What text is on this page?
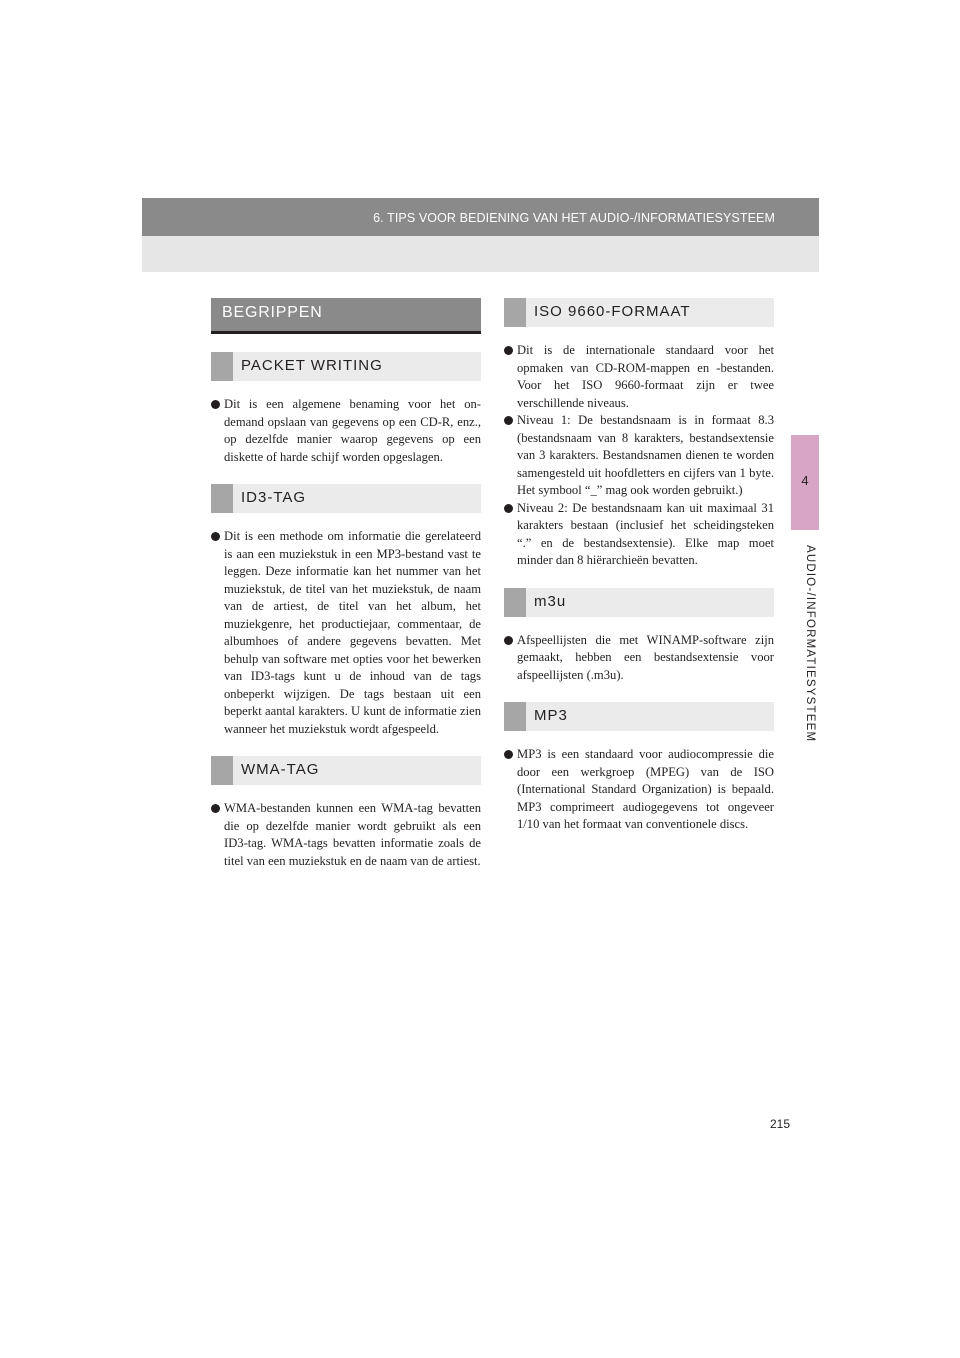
6. TIPS VOOR BEDIENING VAN HET AUDIO-/INFORMATIESYSTEEM
4
AUDIO-/INFORMATIESYSTEEM
BEGRIPPEN
PACKET WRITING
Dit is een algemene benaming voor het on-demand opslaan van gegevens op een CD-R, enz., op dezelfde manier waarop gegevens op een diskette of harde schijf worden opgeslagen.
ID3-TAG
Dit is een methode om informatie die gerelateerd is aan een muziekstuk in een MP3-bestand vast te leggen. Deze informatie kan het nummer van het muziekstuk, de titel van het muziekstuk, de naam van de artiest, de titel van het album, het muziekgenre, het productiejaar, commentaar, de albumhoes of andere gegevens bevatten. Met behulp van software met opties voor het bewerken van ID3-tags kunt u de inhoud van de tags onbeperkt wijzigen. De tags bestaan uit een beperkt aantal karakters. U kunt de informatie zien wanneer het muziekstuk wordt afgespeeld.
WMA-TAG
WMA-bestanden kunnen een WMA-tag bevatten die op dezelfde manier wordt gebruikt als een ID3-tag. WMA-tags bevatten informatie zoals de titel van een muziekstuk en de naam van de artiest.
ISO 9660-FORMAAT
Dit is de internationale standaard voor het opmaken van CD-ROM-mappen en -bestanden. Voor het ISO 9660-formaat zijn er twee verschillende niveaus.
Niveau 1: De bestandsnaam is in formaat 8.3 (bestandsnaam van 8 karakters, bestandsextensie van 3 karakters. Bestandsnamen dienen te worden samengesteld uit hoofdletters en cijfers van 1 byte. Het symbool “_” mag ook worden gebruikt.)
Niveau 2: De bestandsnaam kan uit maximaal 31 karakters bestaan (inclusief het scheidingsteken “.” en de bestandsextensie). Elke map moet minder dan 8 hiërarchieën bevatten.
m3u
Afspeellijsten die met WINAMP-software zijn gemaakt, hebben een bestandsextensie voor afspeellijsten (.m3u).
MP3
MP3 is een standaard voor audiocompressie die door een werkgroep (MPEG) van de ISO (International Standard Organization) is bepaald. MP3 comprimeert audiogegevens tot ongeveer 1/10 van het formaat van conventionele discs.
215
